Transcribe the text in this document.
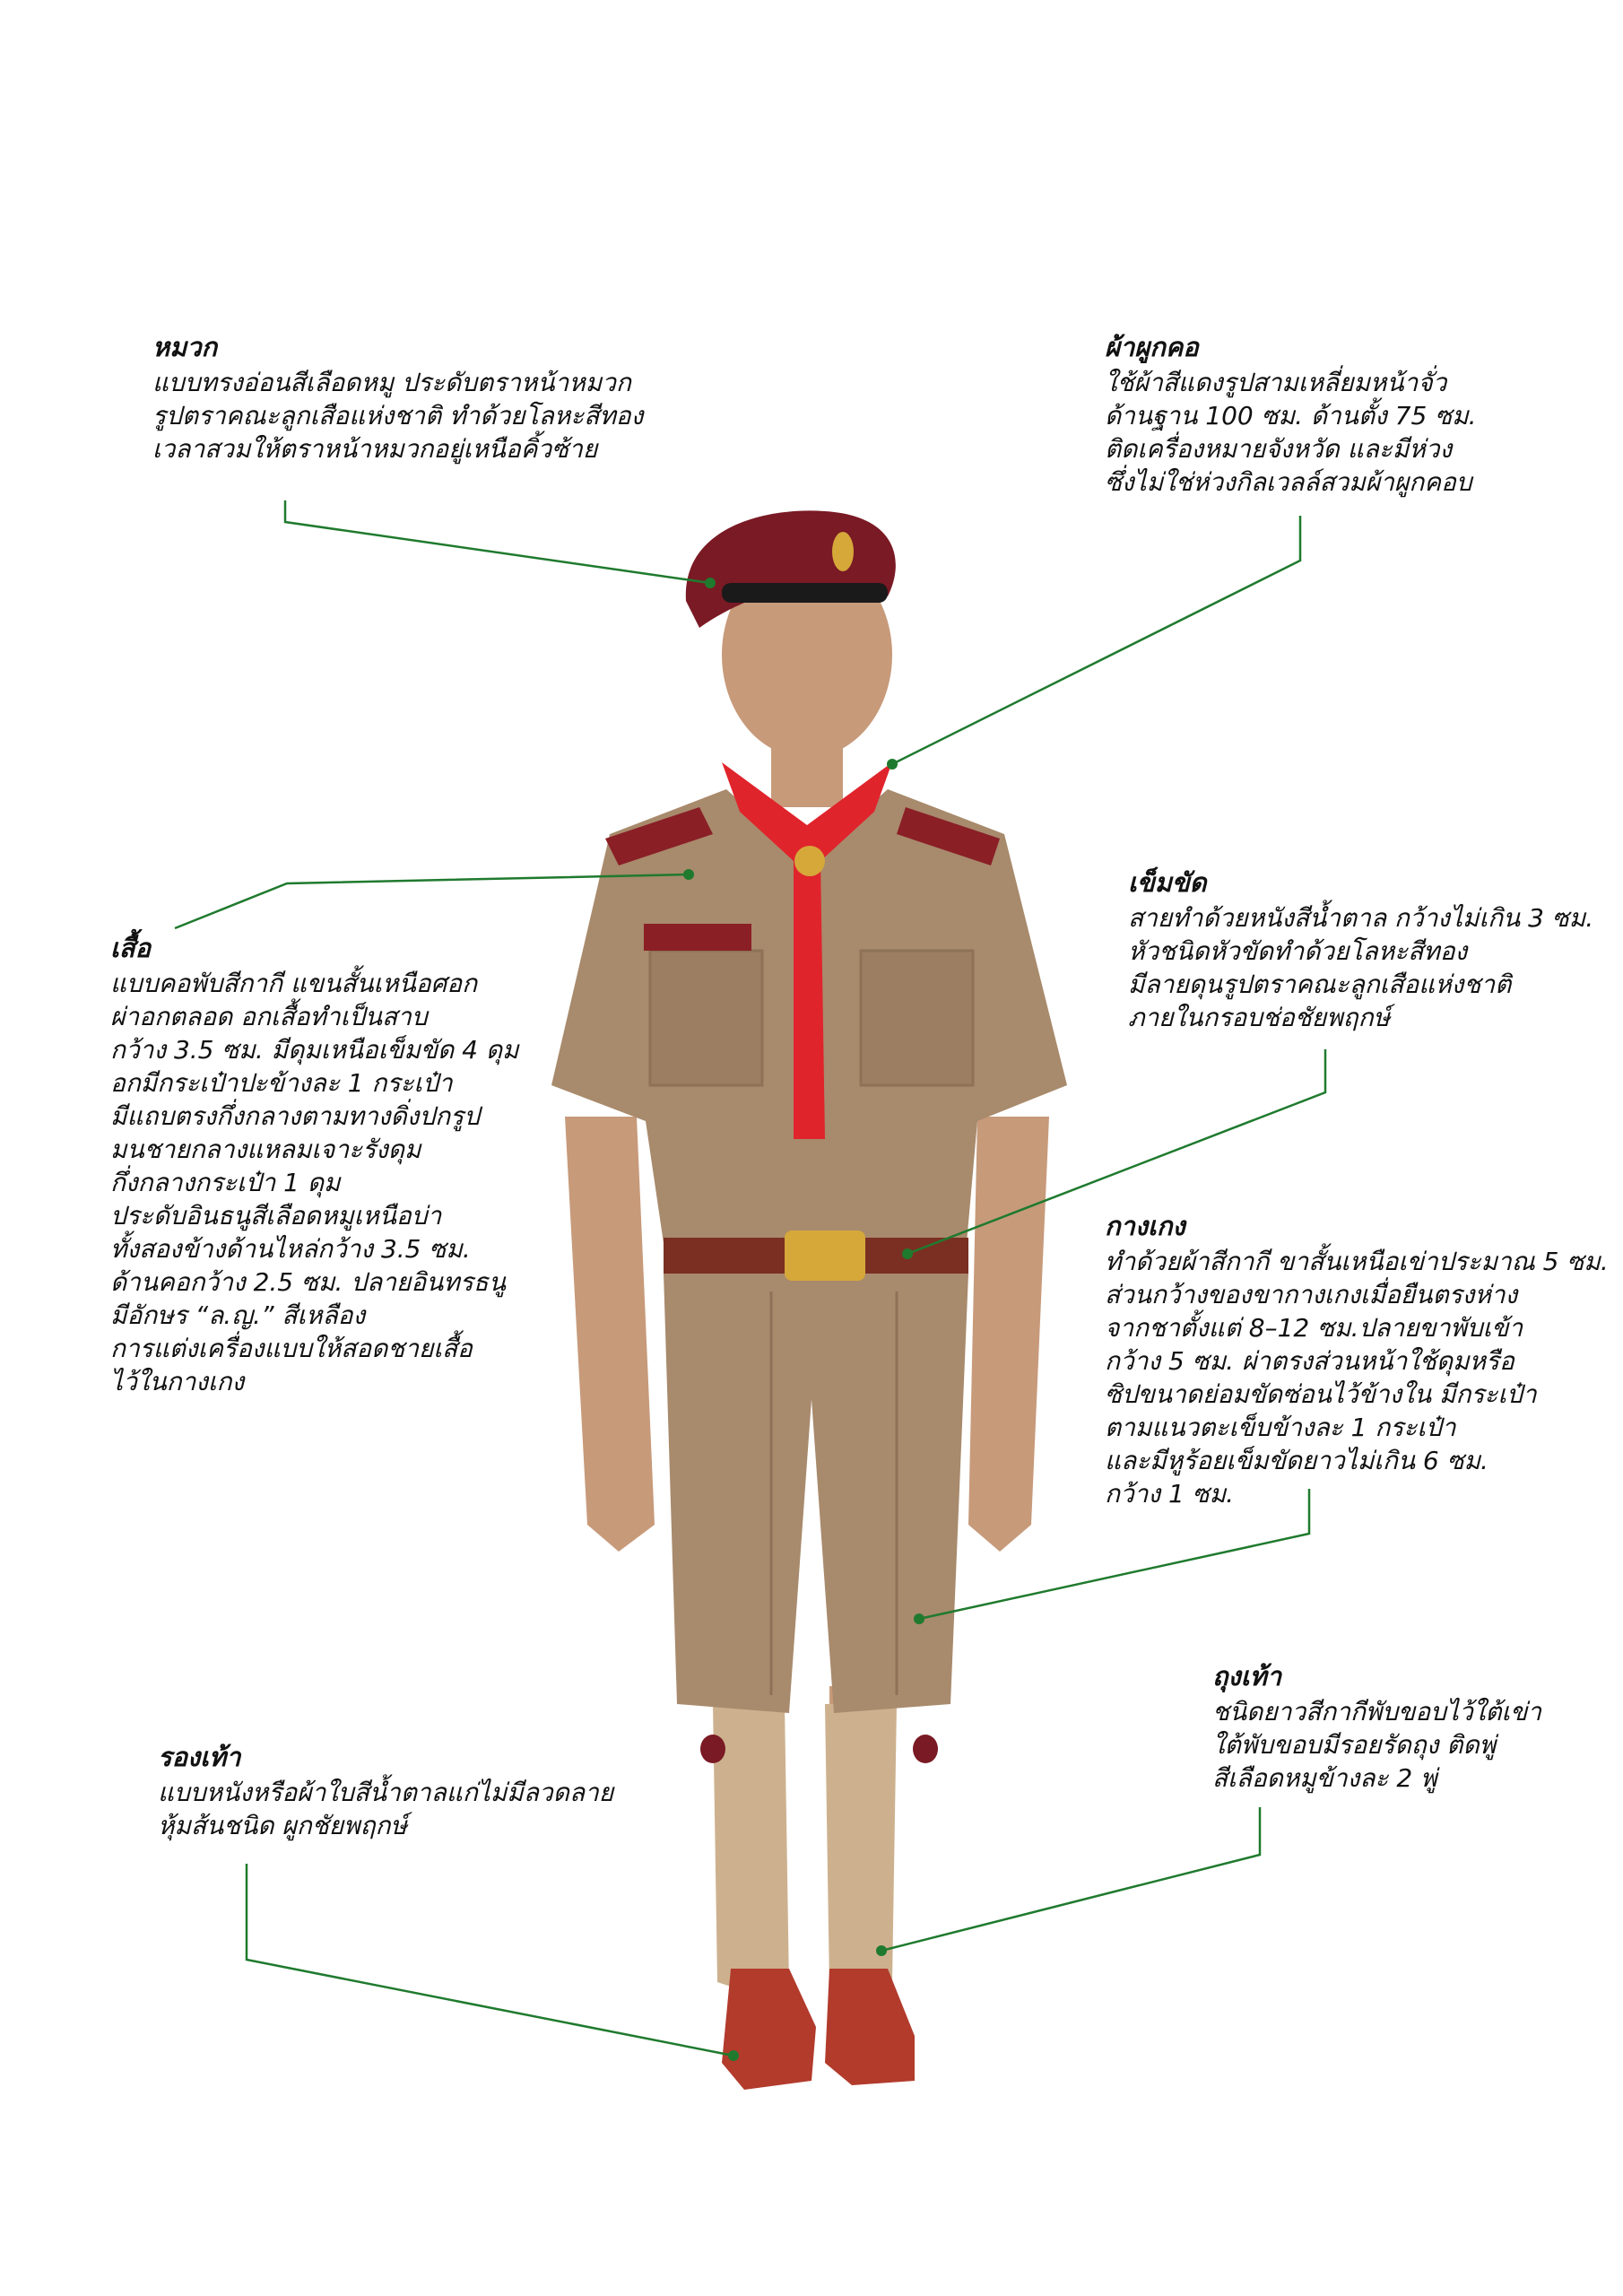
หมวก
แบบทรงอ่อนสีเลือดหมู ประดับตราหน้าหมวก
รูปตราคณะลูกเสือแห่งชาติ ทำด้วยโลหะสีทอง
เวลาสวมให้ตราหน้าหมวกอยู่เหนือคิ้วซ้าย
ผ้าผูกคอ
ใช้ผ้าสีแดงรูปสามเหลี่ยมหน้าจั่ว
ด้านฐาน 100 ซม. ด้านตั้ง 75 ซม.
ติดเครื่องหมายจังหวัด และมีห่วง
ซึ่งไม่ใช่ห่วงกิลเวลล์สวมผ้าผูกคอบ
เสื้อ
แบบคอพับสีกากี แขนสั้นเหนือศอก
ผ่าอกตลอด อกเสื้อทำเป็นสาบ
กว้าง 3.5 ซม. มีดุมเหนือเข็มขัด 4 ดุม
อกมีกระเป๋าปะข้างละ 1 กระเป๋า
มีแถบตรงกึ่งกลางตามทางดิ่งปกรูป
มนชายกลางแหลมเจาะรังดุม
กึ่งกลางกระเป๋า 1 ดุม
ประดับอินธนูสีเลือดหมูเหนือบ่า
ทั้งสองข้างด้านไหล่กว้าง 3.5 ซม.
ด้านคอกว้าง 2.5 ซม. ปลายอินทรธนู
มีอักษร “ล.ญ.” สีเหลือง
การแต่งเครื่องแบบให้สอดชายเสื้อ
ไว้ในกางเกง
เข็มขัด
สายทำด้วยหนังสีน้ำตาล กว้างไม่เกิน 3 ซม.
หัวชนิดหัวขัดทำด้วยโลหะสีทอง
มีลายดุนรูปตราคณะลูกเสือแห่งชาติ
ภายในกรอบช่อชัยพฤกษ์
กางเกง
ทำด้วยผ้าสีกากี ขาสั้นเหนือเข่าประมาณ 5 ซม.
ส่วนกว้างของขากางเกงเมื่อยืนตรงห่าง
จากชาตั้งแต่ 8–12 ซม.ปลายขาพับเข้า
กว้าง 5 ซม. ผ่าตรงส่วนหน้าใช้ดุมหรือ
ซิปขนาดย่อมขัดซ่อนไว้ข้างใน มีกระเป๋า
ตามแนวตะเข็บข้างละ 1 กระเป๋า
และมีหูร้อยเข็มขัดยาวไม่เกิน 6 ซม.
กว้าง 1 ซม.
ถุงเท้า
ชนิดยาวสีกากีพับขอบไว้ใต้เข่า
ใต้พับขอบมีรอยรัดถุง ติดพู่
สีเลือดหมูข้างละ 2 พู่
รองเท้า
แบบหนังหรือผ้าใบสีน้ำตาลแก่ไม่มีลวดลาย
หุ้มส้นชนิด ผูกชัยพฤกษ์
